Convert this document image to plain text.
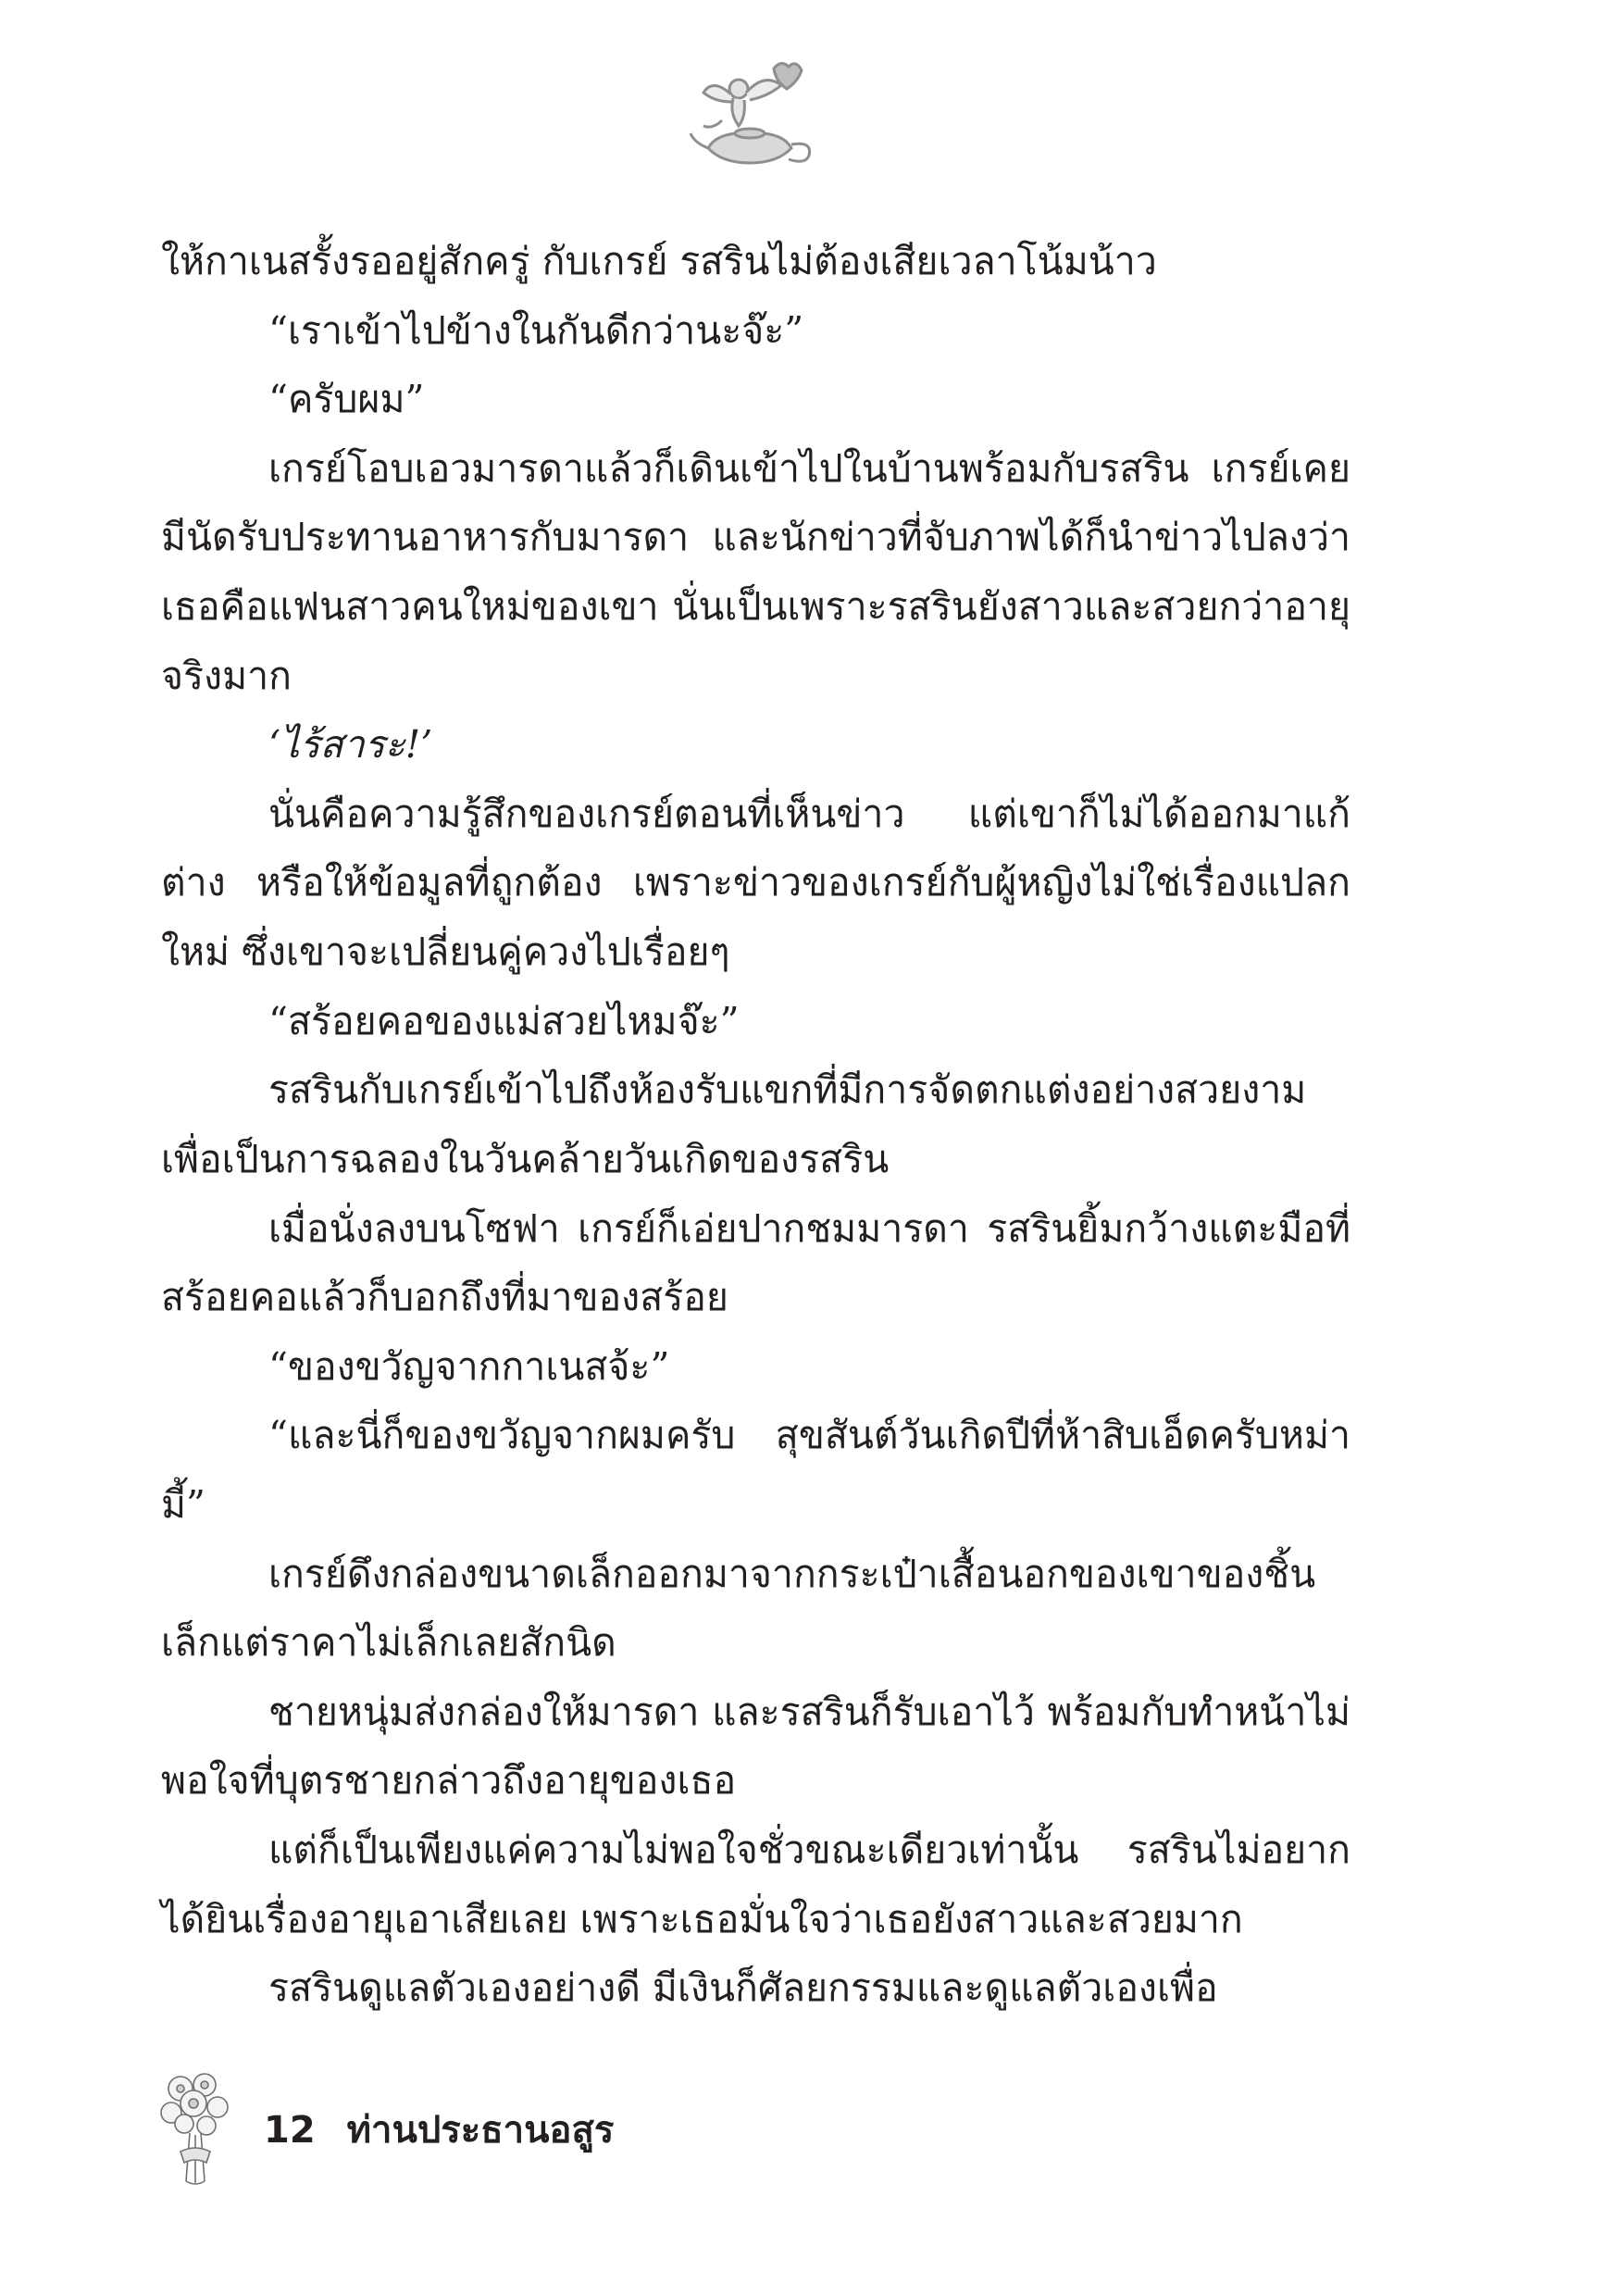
ให้กาเนสรั้งรออยู่สักครู่ กับเกรย์ รสรินไม่ต้องเสียเวลาโน้มน้าว

“เราเข้าไปข้างในกันดีกว่านะจ๊ะ”

“ครับผม”

เกรย์โอบเอวมารดาแล้วก็เดินเข้าไปในบ้านพร้อมกับรสริน เกรย์เคยมีนัดรับประทานอาหารกับมารดา และนักข่าวที่จับภาพได้ก็นำข่าวไปลงว่าเธอคือแฟนสาวคนใหม่ของเขา นั่นเป็นเพราะรสรินยังสาวและสวยกว่าอายุจริงมาก

‘ไร้สาระ!’

นั่นคือความรู้สึกของเกรย์ตอนที่เห็นข่าว แต่เขาก็ไม่ได้ออกมาแก้ต่าง หรือให้ข้อมูลที่ถูกต้อง เพราะข่าวของเกรย์กับผู้หญิงไม่ใช่เรื่องแปลกใหม่ ซึ่งเขาจะเปลี่ยนคู่ควงไปเรื่อยๆ

“สร้อยคอของแม่สวยไหมจ๊ะ”

รสรินกับเกรย์เข้าไปถึงห้องรับแขกที่มีการจัดตกแต่งอย่างสวยงามเพื่อเป็นการฉลองในวันคล้ายวันเกิดของรสริน

เมื่อนั่งลงบนโซฟา เกรย์ก็เอ่ยปากชมมารดา รสรินยิ้มกว้างแตะมือที่สร้อยคอแล้วก็บอกถึงที่มาของสร้อย

“ของขวัญจากกาเนสจ้ะ”

“และนี่ก็ของขวัญจากผมครับ สุขสันต์วันเกิดปีที่ห้าสิบเอ็ดครับหม่ามี้”

เกรย์ดึงกล่องขนาดเล็กออกมาจากกระเป๋าเสื้อนอกของเขาของชิ้นเล็กแต่ราคาไม่เล็กเลยสักนิด

ชายหนุ่มส่งกล่องให้มารดา และรสรินก็รับเอาไว้ พร้อมกับทำหน้าไม่พอใจที่บุตรชายกล่าวถึงอายุของเธอ

แต่ก็เป็นเพียงแค่ความไม่พอใจชั่วขณะเดียวเท่านั้น รสรินไม่อยากได้ยินเรื่องอายุเอาเสียเลย เพราะเธอมั่นใจว่าเธอยังสาวและสวยมาก

รสรินดูแลตัวเองอย่างดี มีเงินก็ศัลยกรรมและดูแลตัวเองเพื่อ

12 ท่านประธานอสูร
